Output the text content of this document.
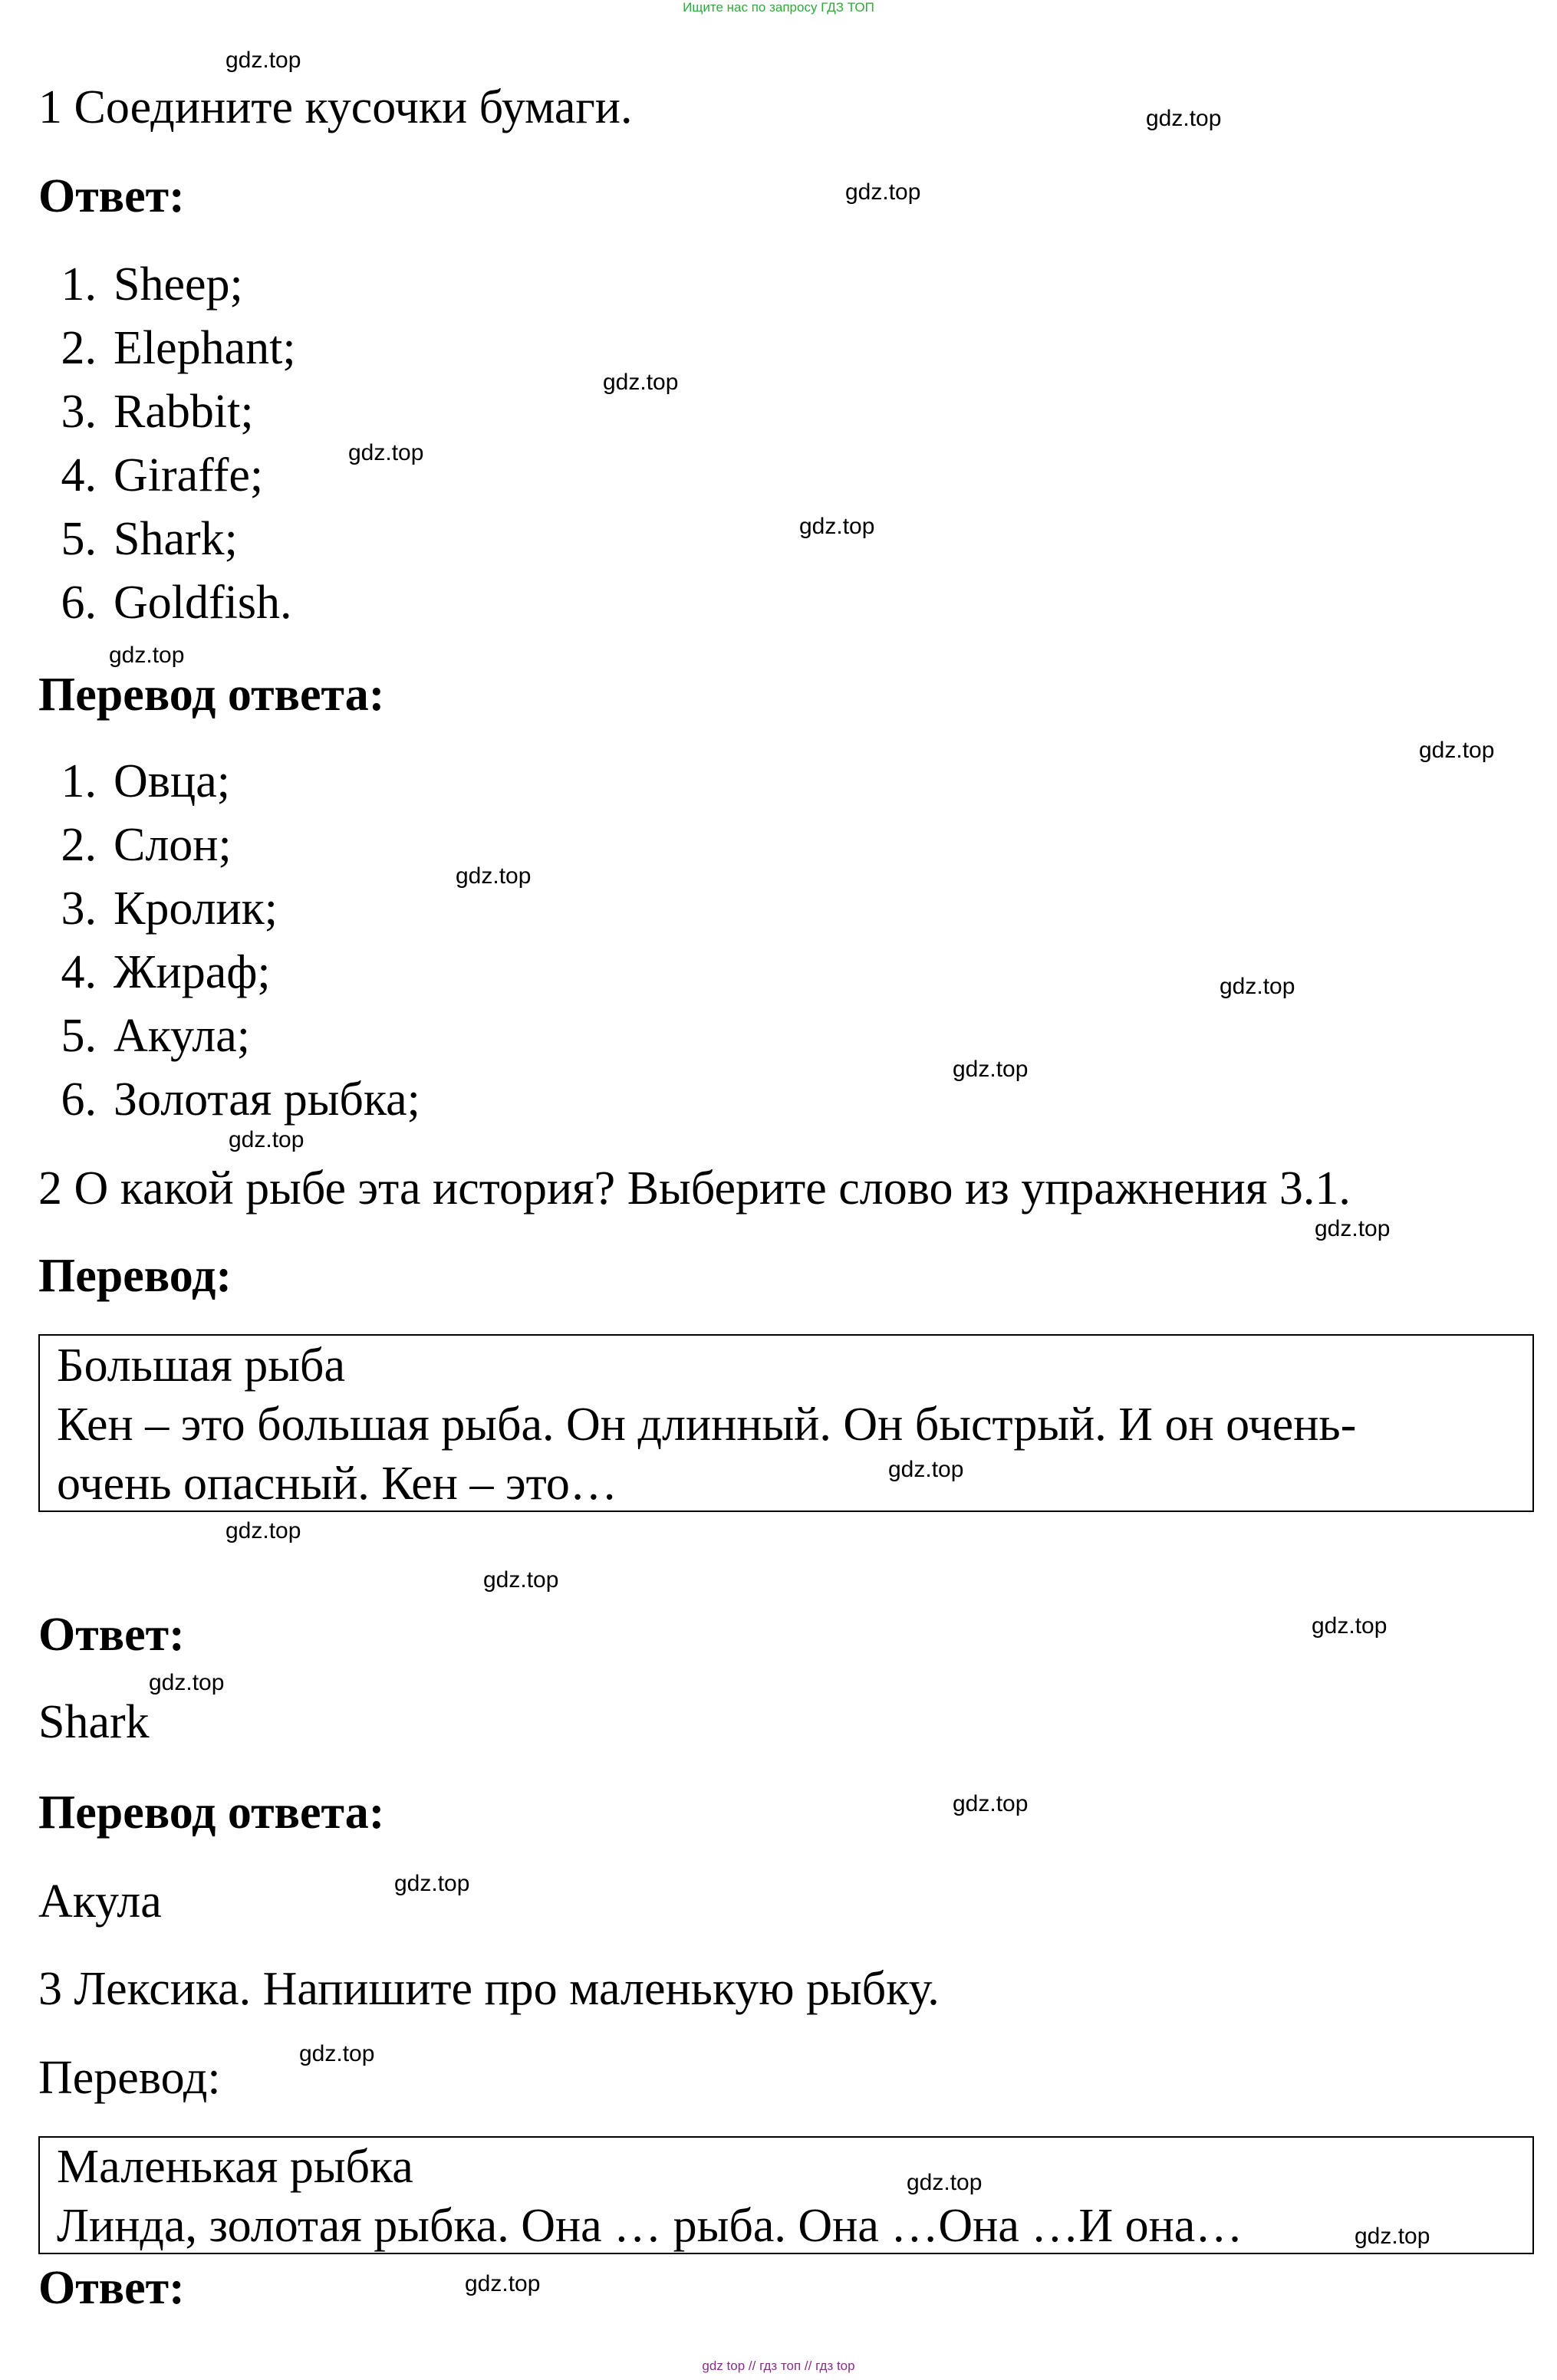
Ищите нас по запросу ГДЗ ТОП
1 Соедините кусочки бумаги.
Ответ:
1. Sheep;
2. Elephant;
3. Rabbit;
4. Giraffe;
5. Shark;
6. Goldfish.
Перевод ответа:
1. Овца;
2. Слон;
3. Кролик;
4. Жираф;
5. Акула;
6. Золотая рыбка;
2 О какой рыбе эта история? Выберите слово из упражнения 3.1.
Перевод:
Большая рыба
Кен – это большая рыба. Он длинный. Он быстрый. И он очень-
очень опасный. Кен – это…
Ответ:
Shark
Перевод ответа:
Акула
3 Лексика. Напишите про маленькую рыбку.
Перевод:
Маленькая рыбка
Линда, золотая рыбка. Она … рыба. Она …Она …И она…
Ответ:
gdz.top
gdz.top
gdz.top
gdz.top
gdz.top
gdz.top
gdz.top
gdz.top
gdz.top
gdz.top
gdz.top
gdz.top
gdz.top
gdz.top
gdz.top
gdz.top
gdz.top
gdz.top
gdz.top
gdz.top
gdz.top
gdz.top
gdz.top
gdz.top
gdz top // гдз топ // гдз top
